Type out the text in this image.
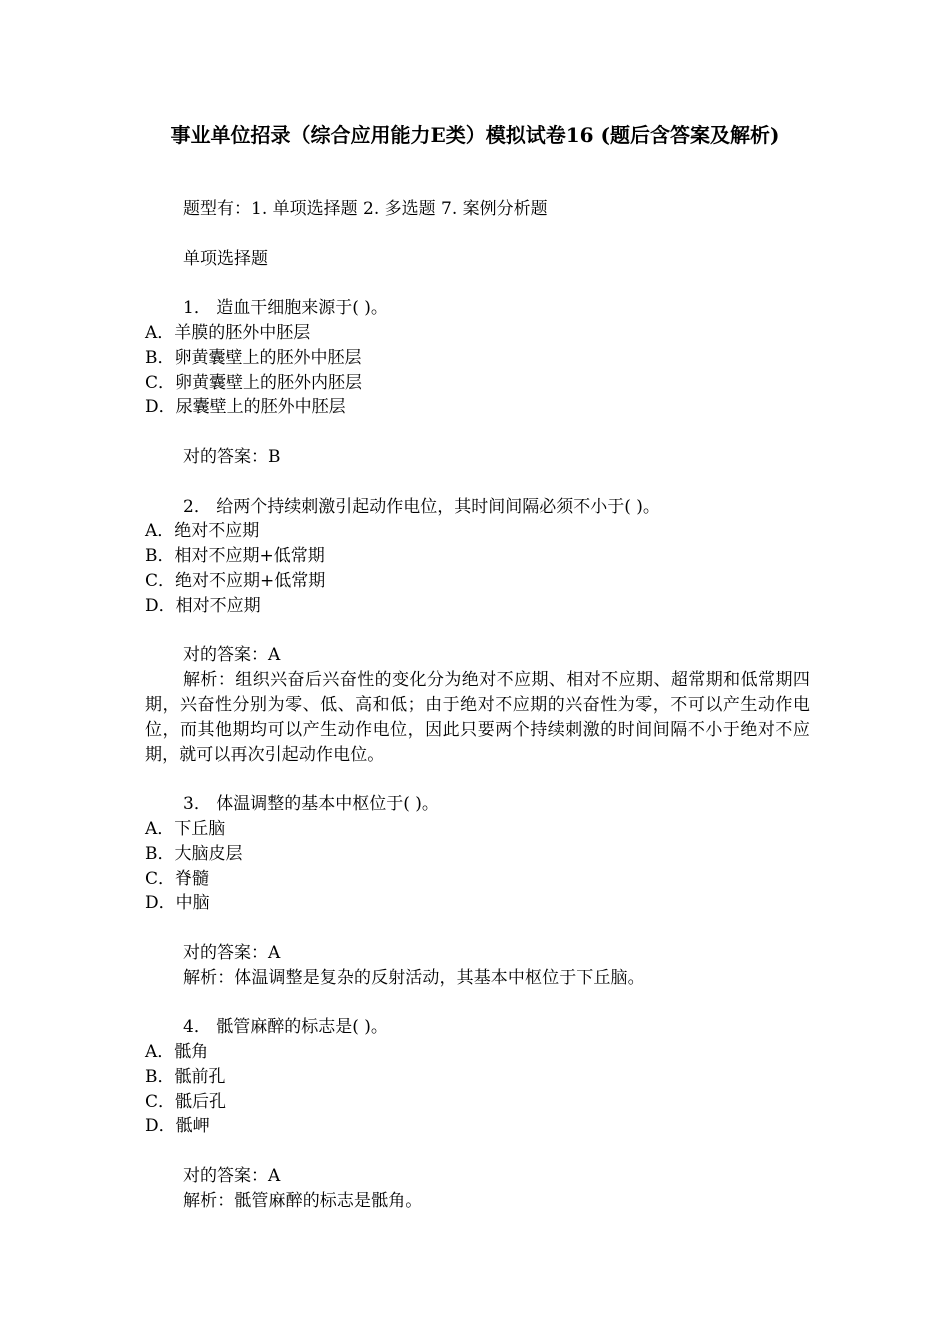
事业单位招录（综合应用能力E类）模拟试卷16 (题后含答案及解析)

题型有：1. 单项选择题 2. 多选题 7. 案例分析题

单项选择题

1． 造血干细胞来源于( )。

A．羊膜的胚外中胚层

B．卵黄囊壁上的胚外中胚层

C．卵黄囊壁上的胚外内胚层

D．尿囊壁上的胚外中胚层

对的答案：B

2． 给两个持续刺激引起动作电位，其时间间隔必须不小于( )。

A．绝对不应期

B．相对不应期+低常期

C．绝对不应期+低常期

D．相对不应期

对的答案：A

解析：组织兴奋后兴奋性的变化分为绝对不应期、相对不应期、超常期和低常期四期，兴奋性分别为零、低、高和低；由于绝对不应期的兴奋性为零，不可以产生动作电位，而其他期均可以产生动作电位，因此只要两个持续刺激的时间间隔不小于绝对不应期，就可以再次引起动作电位。

3． 体温调整的基本中枢位于( )。

A．下丘脑

B．大脑皮层

C．脊髓

D．中脑

对的答案：A

解析：体温调整是复杂的反射活动，其基本中枢位于下丘脑。

4． 骶管麻醉的标志是( )。

A．骶角

B．骶前孔

C．骶后孔

D．骶岬

对的答案：A

解析：骶管麻醉的标志是骶角。
